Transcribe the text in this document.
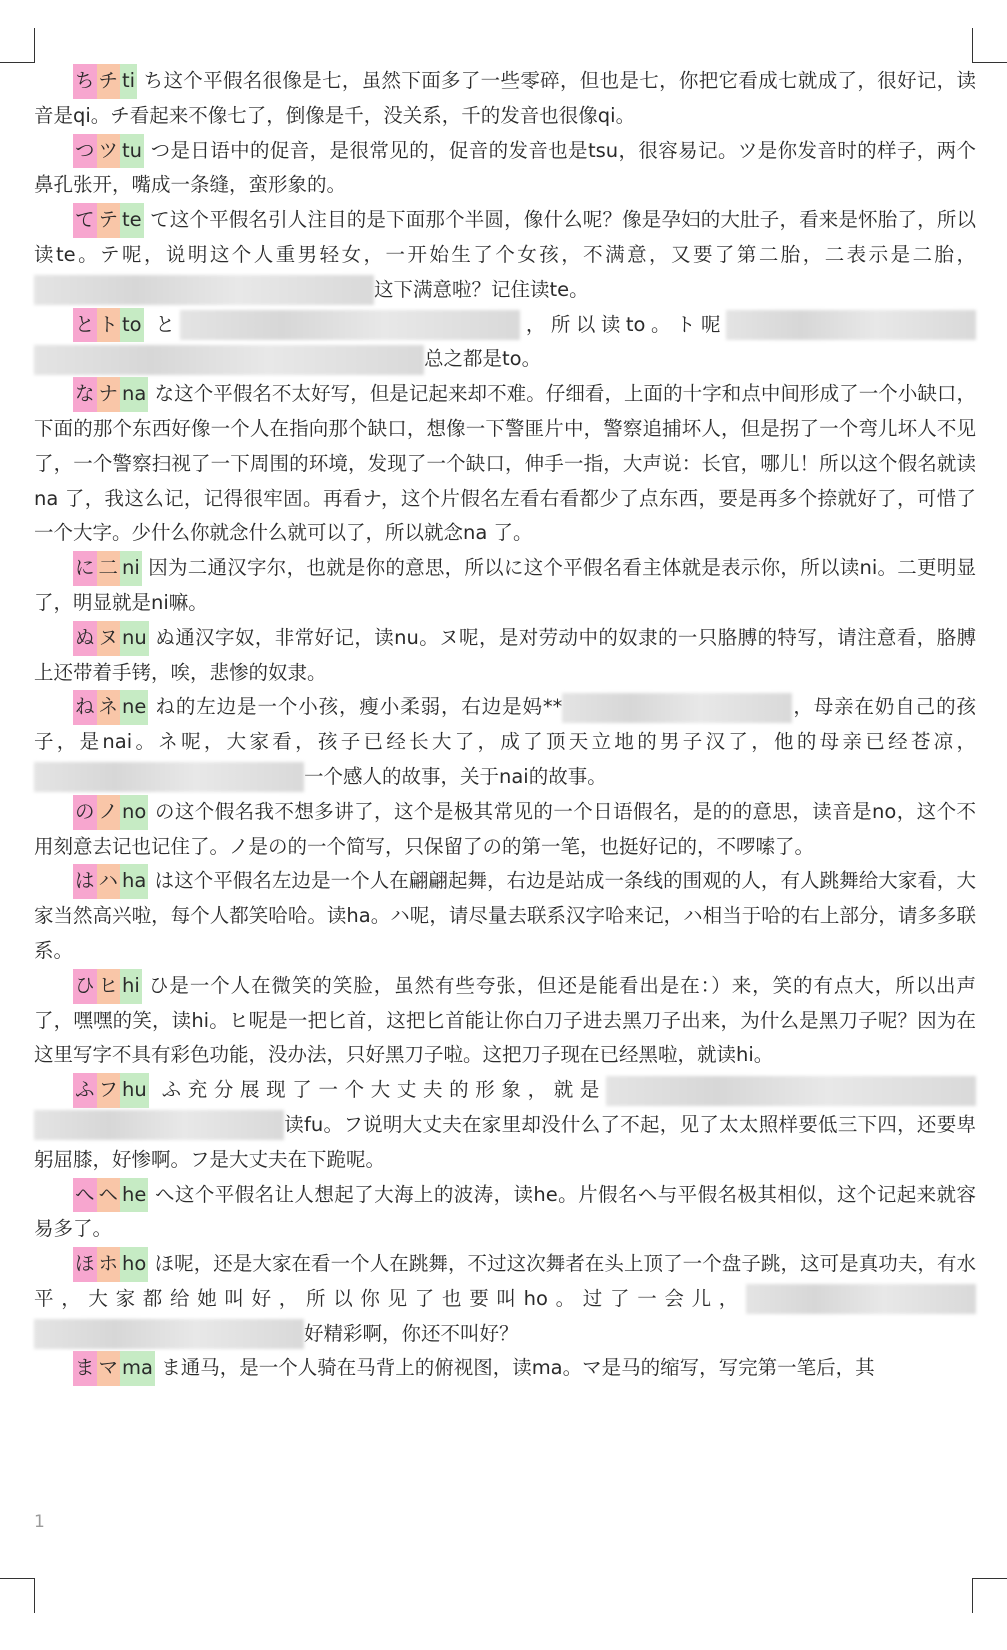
ち チ ti ち这个平假名很像是七，虽然下面多了一些零碎，但也是七，你把它看成七就成了，很好记，读音是qi。チ看起来不像七了，倒像是千，没关系，千的发音也很像qi。

つ ツ tu つ是日语中的促音，是很常见的，促音的发音也是tsu，很容易记。ツ是你发音时的样子，两个鼻孔张开，嘴成一条缝，蛮形象的。

て テ te て这个平假名引人注目的是下面那个半圆，像什么呢？像是孕妇的大肚子，看来是怀胎了，所以读te。テ呢，说明这个人重男轻女，一开始生了个女孩，不满意，又要了第二胎，二表示是二胎，这下满意啦？记住读te。

と ト to と	，所以读to。ト呢总之都是to。

な ナ na な这个平假名不太好写，但是记起来却不难。仔细看，上面的十字和点中间形成了一个小缺口，下面的那个东西好像一个人在指向那个缺口，想像一下警匪片中，警察追捕坏人，但是拐了一个弯儿坏人不见了，一个警察扫视了一下周围的环境，发现了一个缺口，伸手一指，大声说：长官，哪儿！所以这个假名就读na 了，我这么记，记得很牢固。再看ナ，这个片假名左看右看都少了点东西，要是再多个捺就好了，可惜了一个大字。少什么你就念什么就可以了，所以就念na 了。

に 二 ni 因为二通汉字尔，也就是你的意思，所以に这个平假名看主体就是表示你，所以读ni。二更明显了，明显就是ni嘛。

ぬ ヌ nu ぬ通汉字奴，非常好记，读nu。ヌ呢，是对劳动中的奴隶的一只胳膊的特写，请注意看，胳膊上还带着手铐，唉，悲惨的奴隶。

ね ネ ne ね的左边是一个小孩，瘦小柔弱，右边是妈**	，母亲在奶自己的孩子，是nai。ネ呢，大家看，孩子已经长大了，成了顶天立地的男子汉了，他的母亲已经苍凉，一个感人的故事，关于nai的故事。

の ノ no の这个假名我不想多讲了，这个是极其常见的一个日语假名，是的的意思，读音是no，这个不用刻意去记也记住了。ノ是の的一个简写，只保留了の的第一笔，也挺好记的，不啰嗦了。

は ハ ha は这个平假名左边是一个人在翩翩起舞，右边是站成一条线的围观的人，有人跳舞给大家看，大家当然高兴啦，每个人都笑哈哈。读ha。ハ呢，请尽量去联系汉字哈来记，ハ相当于哈的右上部分，请多多联系。

ひ ヒ hi ひ是一个人在微笑的笑脸，虽然有些夸张，但还是能看出是在：）来，笑的有点大，所以出声了，嘿嘿的笑，读hi。ヒ呢是一把匕首，这把匕首能让你白刀子进去黑刀子出来，为什么是黑刀子呢？因为在这里写字不具有彩色功能，没办法，只好黑刀子啦。这把刀子现在已经黑啦，就读hi。

ふ フ hu ふ充分展现了一个大丈夫的形象，就是读fu。フ说明大丈夫在家里却没什么了不起，见了太太照样要低三下四，还要卑躬屈膝，好惨啊。フ是大丈夫在下跪呢。

へ ヘ he へ这个平假名让人想起了大海上的波涛，读he。片假名ヘ与平假名极其相似，这个记起来就容易多了。

ほ ホ ho ほ呢，还是大家在看一个人在跳舞，不过这次舞者在头上顶了一个盘子跳，这可是真功夫，有水平，大家都给她叫好，所以你见了也要叫ho。过了一会儿，好精彩啊，你还不叫好？

ま マ ma ま通马，是一个人骑在马背上的俯视图，读ma。マ是马的缩写，写完第一笔后，其

1
